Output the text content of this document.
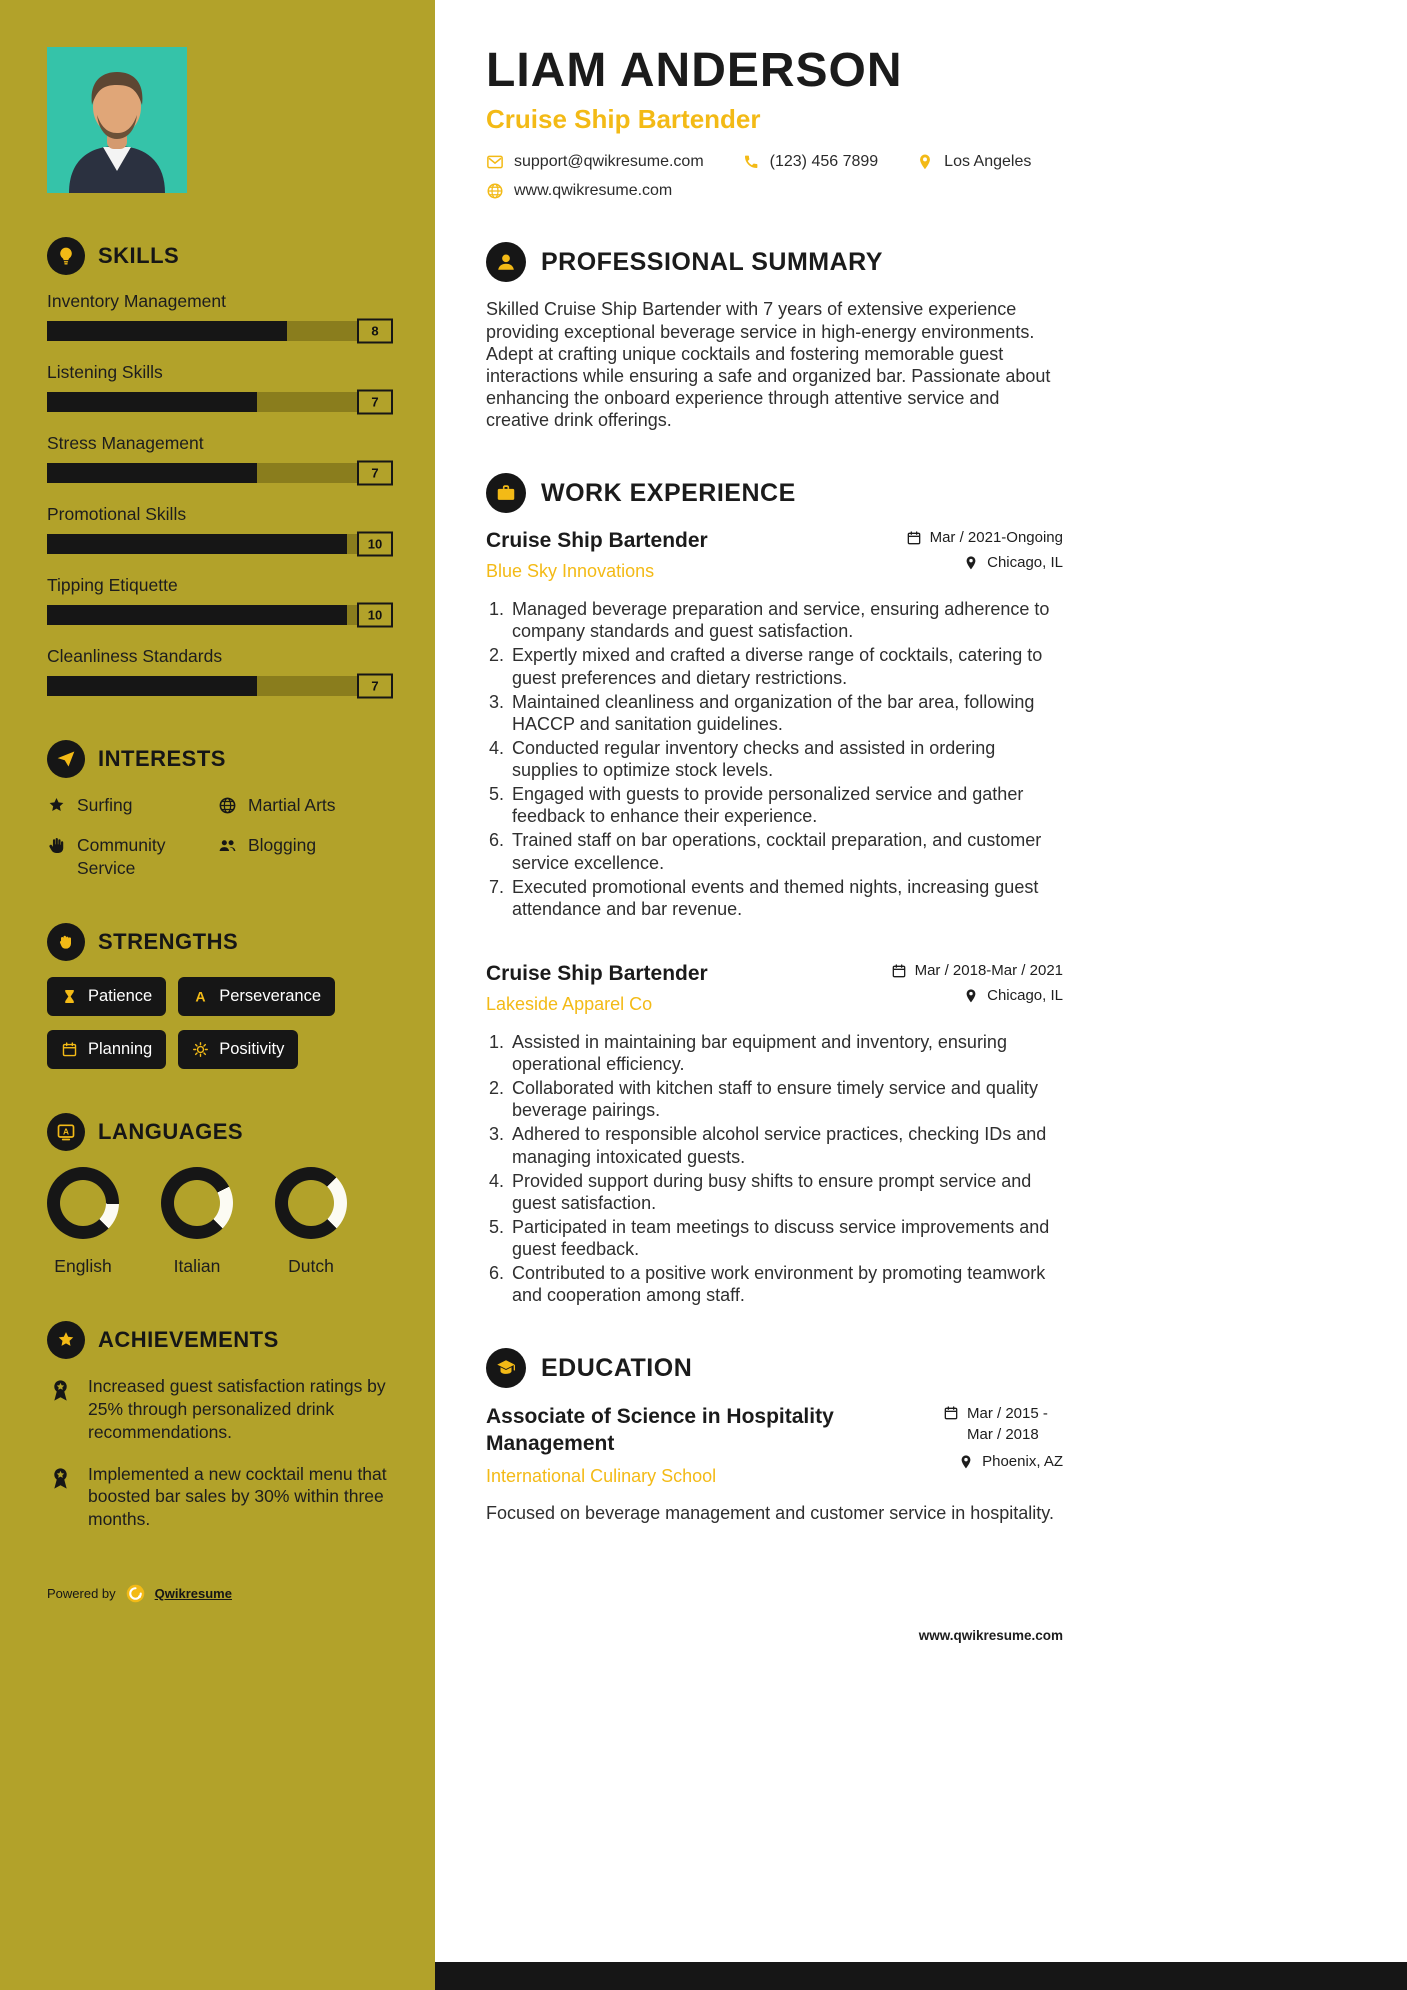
SKILLS
Inventory Management
8
Listening Skills
7
Stress Management
7
Promotional Skills
10
Tipping Etiquette
10
Cleanliness Standards
7
INTERESTS
Surfing	Martial Arts
Community Service
Blogging
STRENGTHS
Patience A Perseverance
Planning	Positivity
A LANGUAGES
English	Italian	Dutch
ACHIEVEMENTS

Increased guest satisfaction ratings by 25% through personalized drink recommendations.

Implemented a new cocktail menu that boosted bar sales by 30% within three months.

Powered by	Qwikresume
LIAM ANDERSON
Cruise Ship Bartender
support@qwikresume.com	(123) 456 7899	Los Angeles
www.qwikresume.com
PROFESSIONAL SUMMARY

Skilled Cruise Ship Bartender with 7 years of extensive experience providing exceptional beverage service in high-energy environments. Adept at crafting unique cocktails and fostering memorable guest interactions while ensuring a safe and organized bar. Passionate about enhancing the onboard experience through attentive service and creative drink offerings.

WORK EXPERIENCE
Cruise Ship Bartender
Blue Sky Innovations
Mar / 2021-Ongoing
Chicago, IL
1. Managed beverage preparation and service, ensuring adherence to company standards and guest satisfaction.
2. Expertly mixed and crafted a diverse range of cocktails, catering to guest preferences and dietary restrictions.
3. Maintained cleanliness and organization of the bar area, following HACCP and sanitation guidelines.
4. Conducted regular inventory checks and assisted in ordering supplies to optimize stock levels.
5. Engaged with guests to provide personalized service and gather feedback to enhance their experience.
6. Trained staff on bar operations, cocktail preparation, and customer service excellence.
7. Executed promotional events and themed nights, increasing guest attendance and bar revenue.
Cruise Ship Bartender
Lakeside Apparel Co
Mar / 2018-Mar / 2021
Chicago, IL
1. Assisted in maintaining bar equipment and inventory, ensuring operational efficiency.
2. Collaborated with kitchen staff to ensure timely service and quality beverage pairings.
3. Adhered to responsible alcohol service practices, checking IDs and managing intoxicated guests.
4. Provided support during busy shifts to ensure prompt service and guest satisfaction.
5. Participated in team meetings to discuss service improvements and guest feedback.
6. Contributed to a positive work environment by promoting teamwork and cooperation among staff.
EDUCATION
Associate of Science in Hospitality Management
International Culinary School
Mar / 2015 - Mar / 2018
Phoenix, AZ

Focused on beverage management and customer service in hospitality.

www.qwikresume.com
